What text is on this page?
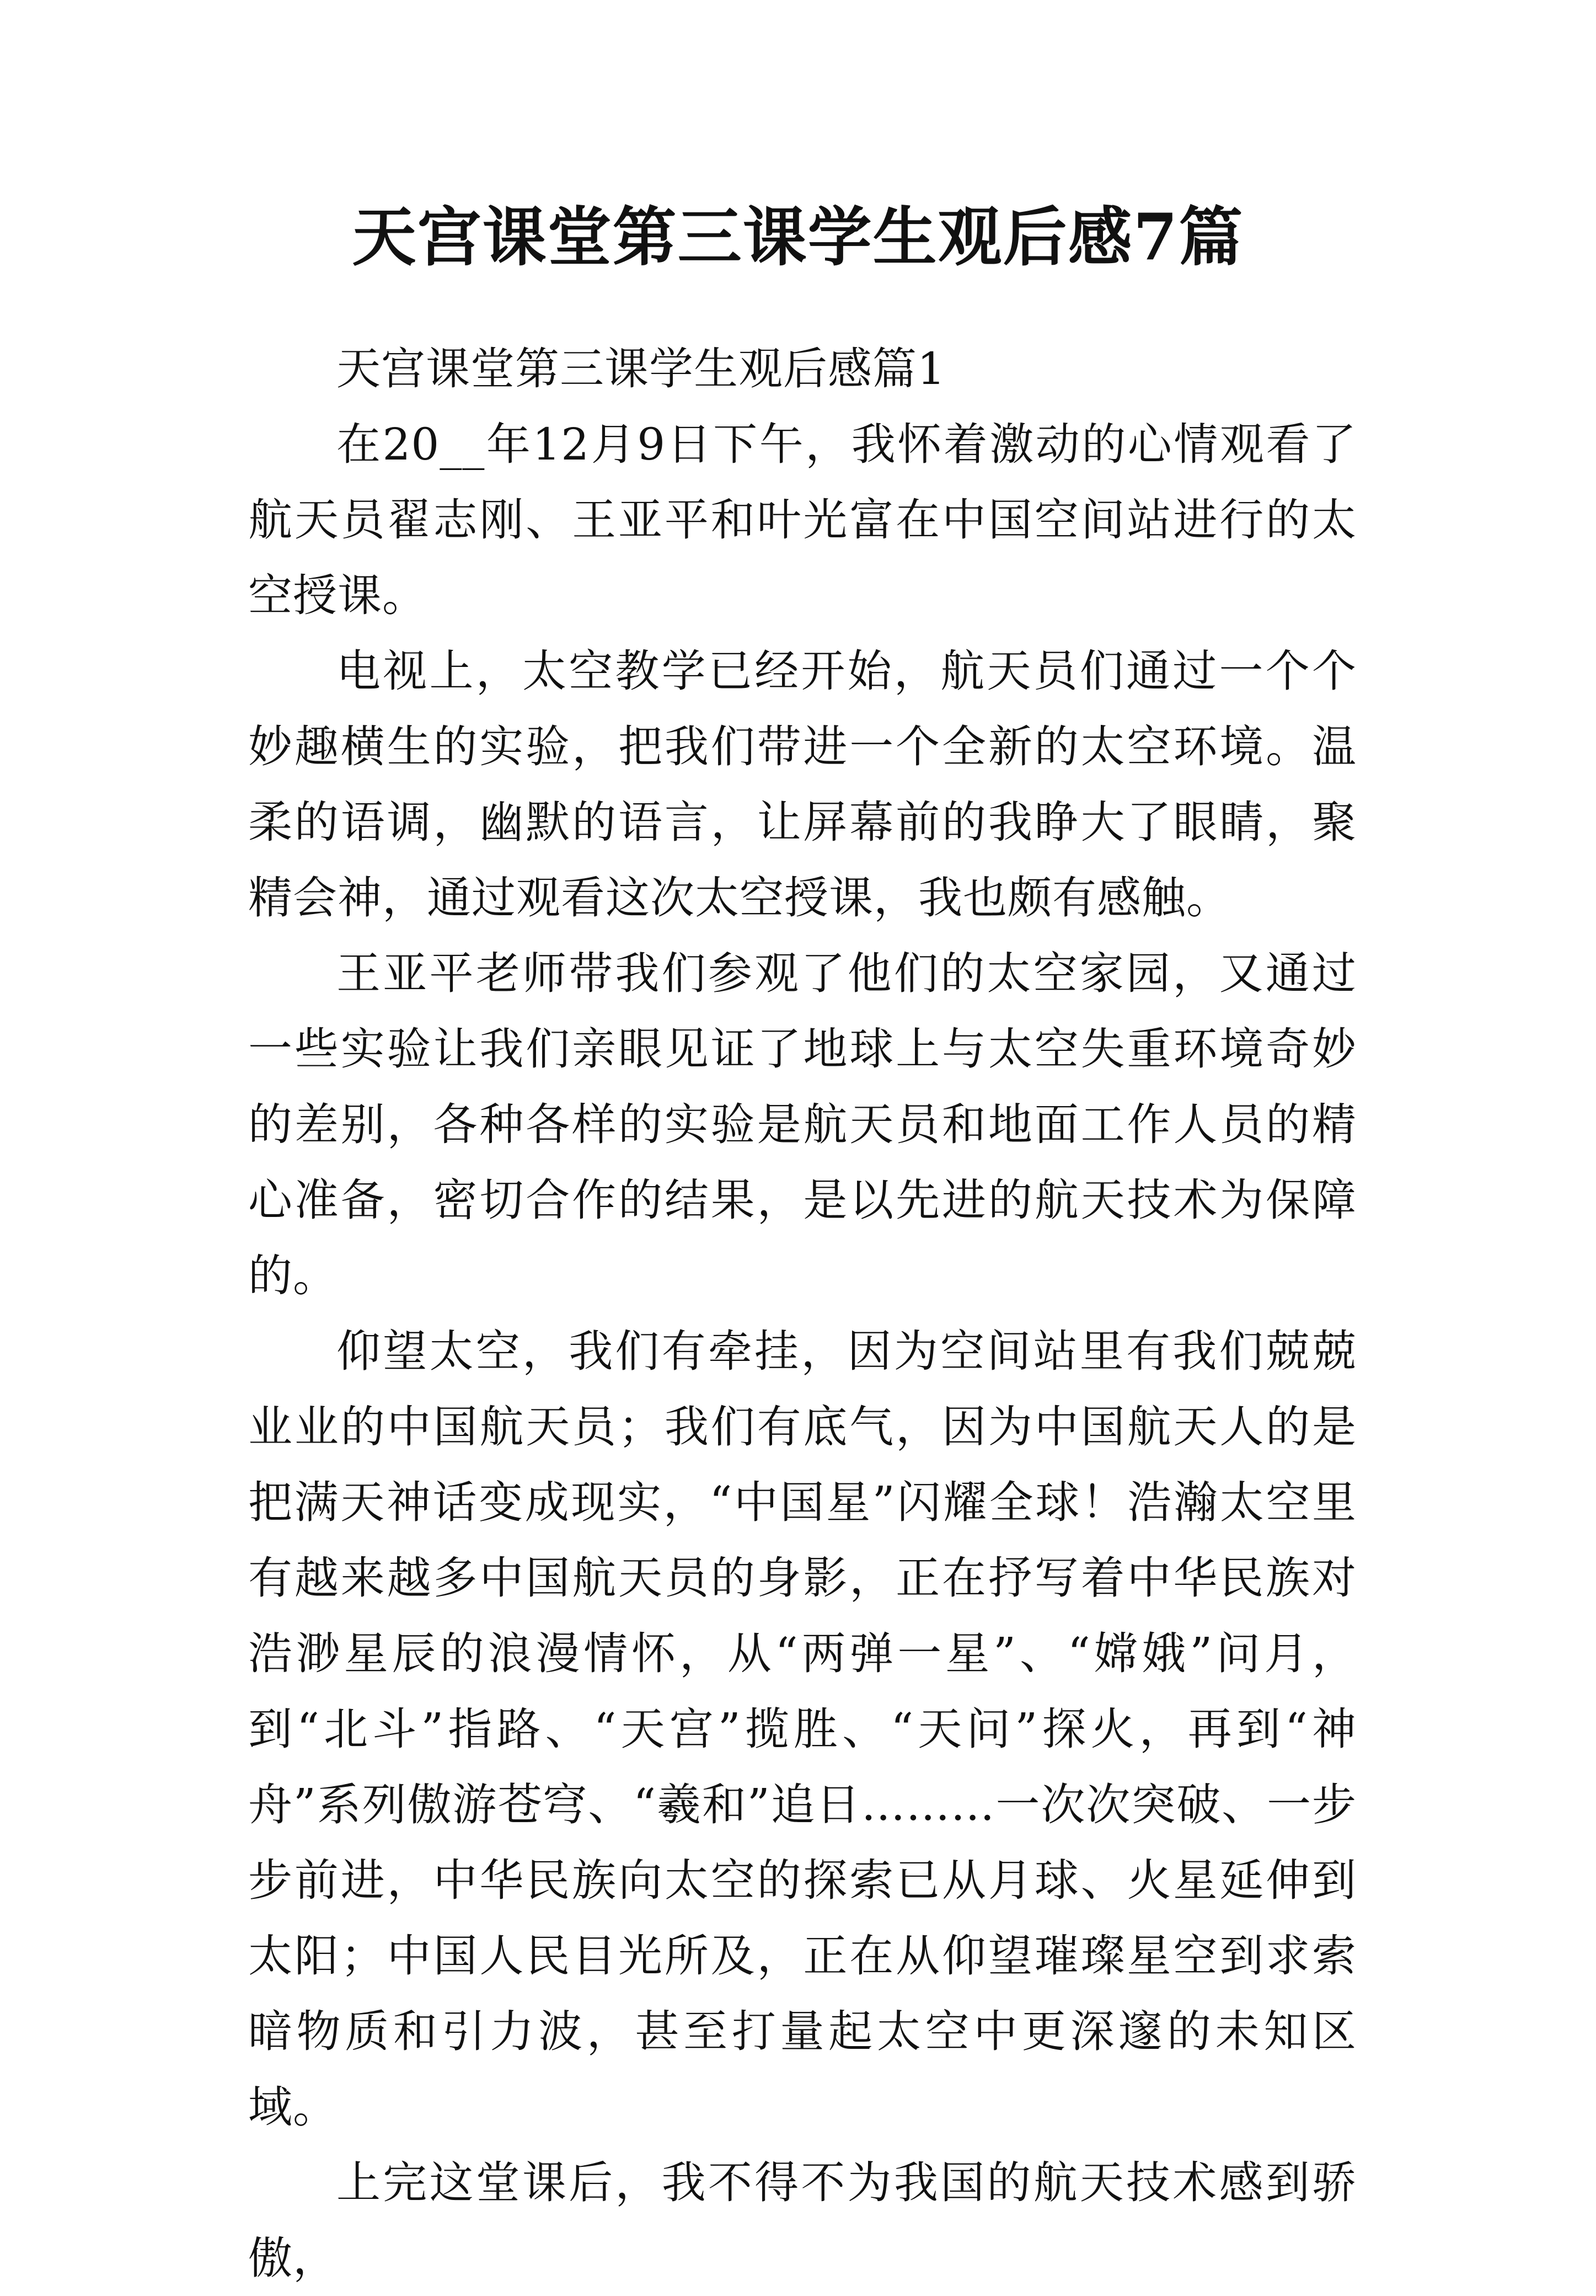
天宫课堂第三课学生观后感7篇

天宫课堂第三课学生观后感篇1

在20__年12月9日下午，我怀着激动的心情观看了航天员翟志刚、王亚平和叶光富在中国空间站进行的太空授课。

电视上，太空教学已经开始，航天员们通过一个个妙趣横生的实验，把我们带进一个全新的太空环境。温柔的语调，幽默的语言，让屏幕前的我睁大了眼睛，聚精会神，通过观看这次太空授课，我也颇有感触。

王亚平老师带我们参观了他们的太空家园，又通过一些实验让我们亲眼见证了地球上与太空失重环境奇妙的差别，各种各样的实验是航天员和地面工作人员的精心准备，密切合作的结果，是以先进的航天技术为保障的。

仰望太空，我们有牵挂，因为空间站里有我们兢兢业业的中国航天员；我们有底气，因为中国航天人的是把满天神话变成现实，“中国星”闪耀全球！浩瀚太空里有越来越多中国航天员的身影，正在抒写着中华民族对浩渺星辰的浪漫情怀，从“两弹一星”、“嫦娥”问月，到“北斗”指路、“天宫”揽胜、“天问”探火，再到“神舟”系列傲游苍穹、“羲和”追日………一次次突破、一步步前进，中华民族向太空的探索已从月球、火星延伸到太阳；中国人民目光所及，正在从仰望璀璨星空到求索暗物质和引力波，甚至打量起太空中更深邃的未知区域。

上完这堂课后，我不得不为我国的航天技术感到骄傲，
